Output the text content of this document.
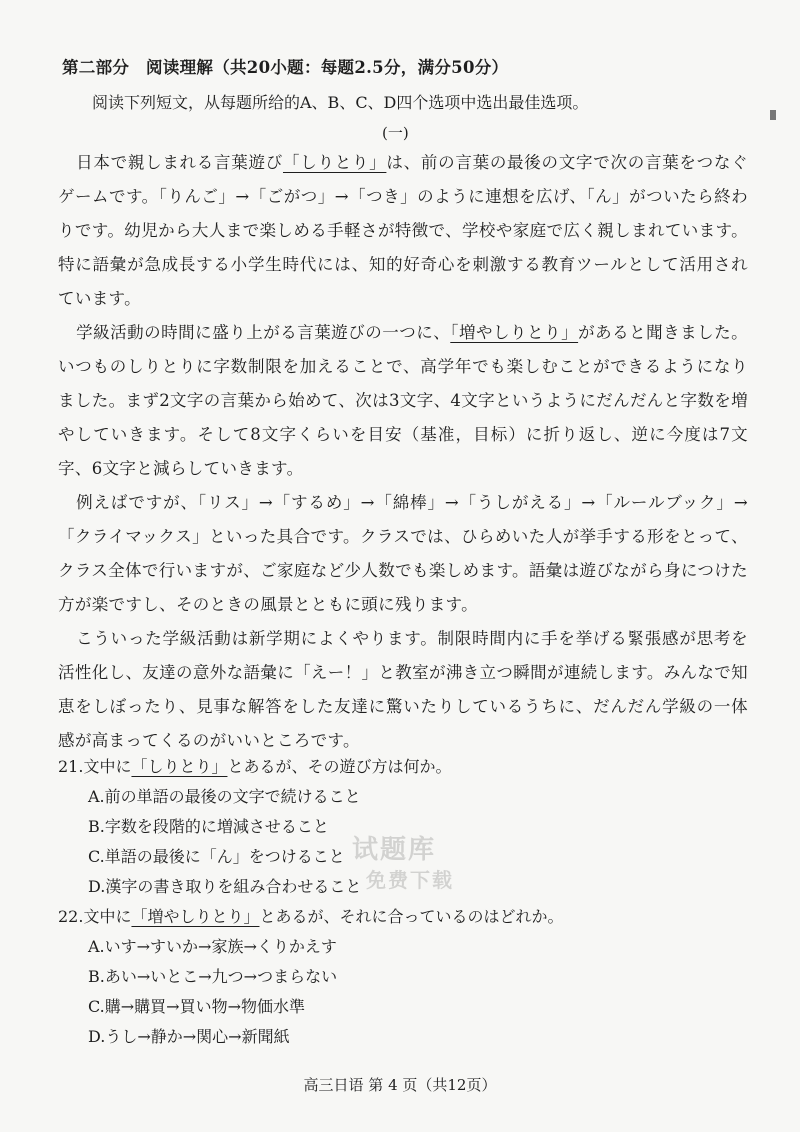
第二部分　阅读理解（共20小题：每题2.5分，满分50分）
阅读下列短文，从每题所给的A、B、C、D四个选项中选出最佳选项。
(一)

日本で親しまれる言葉遊び「しりとり」は、前の言葉の最後の文字で次の言葉をつなぐゲームです。「りんご」→「ごがつ」→「つき」のように連想を広げ、「ん」がついたら終わりです。幼児から大人まで楽しめる手軽さが特徴で、学校や家庭で広く親しまれています。特に語彙が急成長する小学生時代には、知的好奇心を刺激する教育ツールとして活用されています。

学級活動の時間に盛り上がる言葉遊びの一つに、「増やしりとり」があると聞きました。いつものしりとりに字数制限を加えることで、高学年でも楽しむことができるようになりました。まず2文字の言葉から始めて、次は3文字、4文字というようにだんだんと字数を増やしていきます。そして8文字くらいを目安（基准，目标）に折り返し、逆に今度は7文字、6文字と減らしていきます。

例えばですが、「リス」→「するめ」→「綿棒」→「うしがえる」→「ルールブック」→「クライマックス」といった具合です。クラスでは、ひらめいた人が挙手する形をとって、クラス全体で行いますが、ご家庭など少人数でも楽しめます。語彙は遊びながら身につけた方が楽ですし、そのときの風景とともに頭に残ります。

こういった学級活動は新学期によくやります。制限時間内に手を挙げる緊張感が思考を活性化し、友達の意外な語彙に「えー！」と教室が沸き立つ瞬間が連続します。みんなで知恵をしぼったり、見事な解答をした友達に驚いたりしているうちに、だんだん学級の一体感が高まってくるのがいいところです。

21.文中に「しりとり」とあるが、その遊び方は何か。
A.前の単語の最後の文字で続けること
B.字数を段階的に増減させること
C.単語の最後に「ん」をつけること
D.漢字の書き取りを組み合わせること
22.文中に「増やしりとり」とあるが、それに合っているのはどれか。
A.いす→すいか→家族→くりかえす
B.あい→いとこ→九つ→つまらない
C.購→購買→買い物→物価水準
D.うし→静か→関心→新聞紙
试题库
免费下载
高三日语 第 4 页（共12页）
